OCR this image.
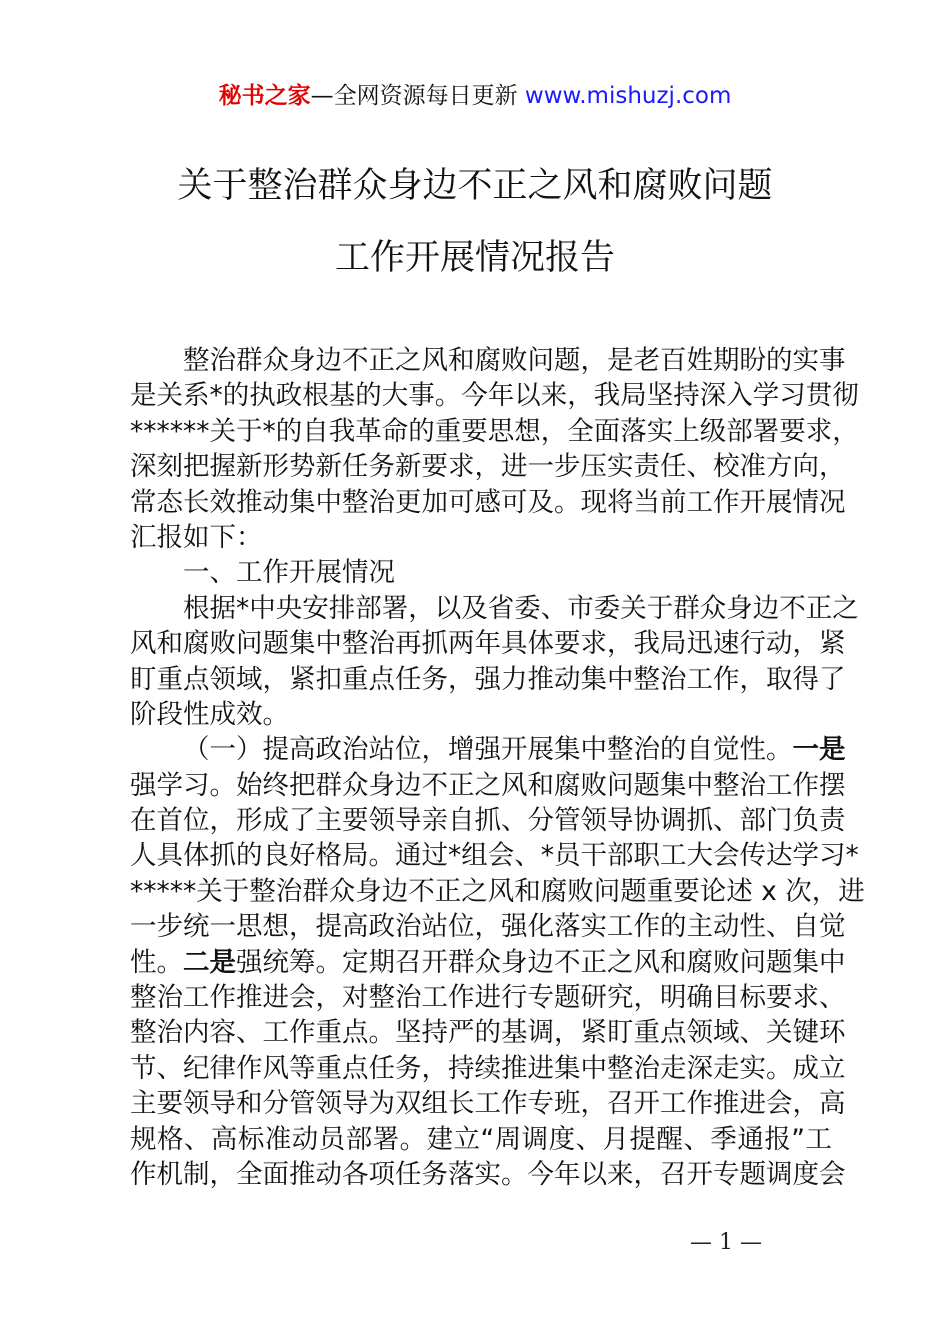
秘书之家—全网资源每日更新 www.mishuzj.com
关于整治群众身边不正之风和腐败问题
工作开展情况报告
整治群众身边不正之风和腐败问题，是老百姓期盼的实事
是关系*的执政根基的大事。今年以来，我局坚持深入学习贯彻
******关于*的自我革命的重要思想，全面落实上级部署要求，
深刻把握新形势新任务新要求，进一步压实责任、校准方向，
常态长效推动集中整治更加可感可及。现将当前工作开展情况
汇报如下：
一、工作开展情况
根据*中央安排部署，以及省委、市委关于群众身边不正之
风和腐败问题集中整治再抓两年具体要求，我局迅速行动，紧
盯重点领域，紧扣重点任务，强力推动集中整治工作，取得了
阶段性成效。
（一）提高政治站位，增强开展集中整治的自觉性。一是
强学习。始终把群众身边不正之风和腐败问题集中整治工作摆
在首位，形成了主要领导亲自抓、分管领导协调抓、部门负责
人具体抓的良好格局。通过*组会、*员干部职工大会传达学习*
*****关于整治群众身边不正之风和腐败问题重要论述 x 次，进
一步统一思想，提高政治站位，强化落实工作的主动性、自觉
性。二是强统筹。定期召开群众身边不正之风和腐败问题集中
整治工作推进会，对整治工作进行专题研究，明确目标要求、
整治内容、工作重点。坚持严的基调，紧盯重点领域、关键环
节、纪律作风等重点任务，持续推进集中整治走深走实。成立
主要领导和分管领导为双组长工作专班，召开工作推进会，高
规格、高标准动员部署。建立“周调度、月提醒、季通报”工
作机制，全面推动各项任务落实。今年以来，召开专题调度会
— 1 —
